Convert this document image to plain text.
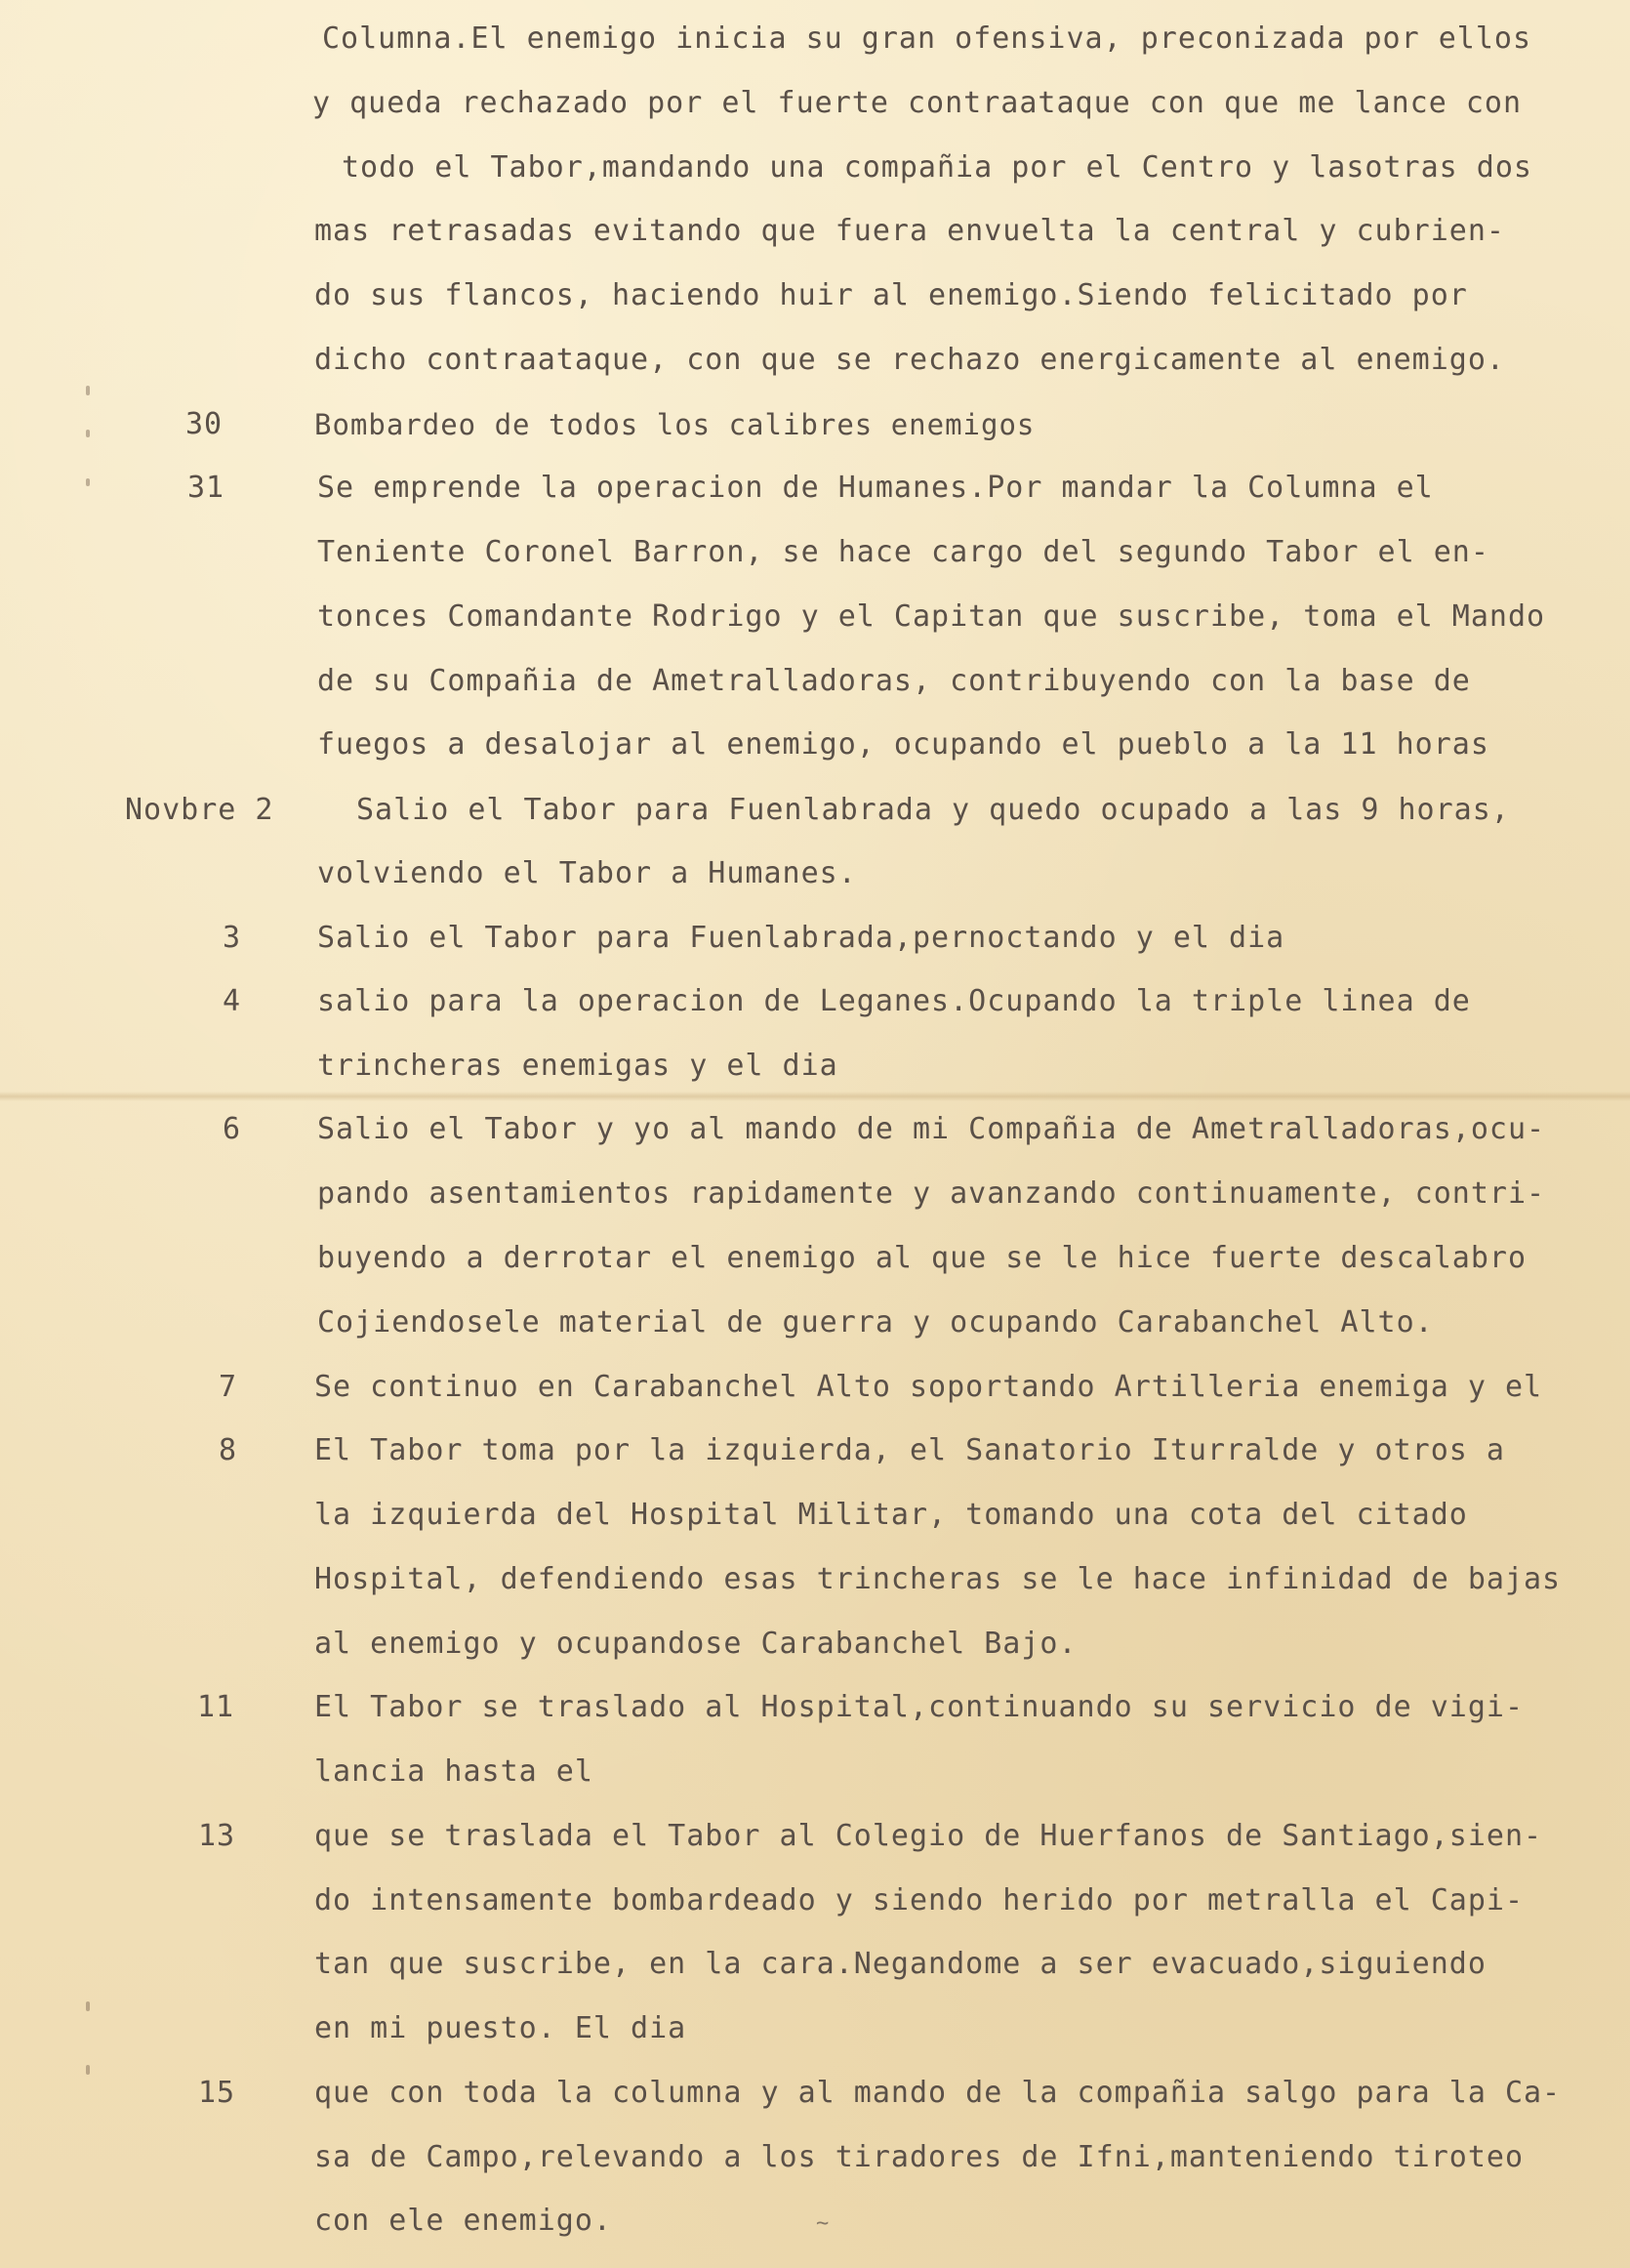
Columna.El enemigo inicia su gran ofensiva, preconizada por ellos
y queda rechazado por el fuerte contraataque con que me lance con
todo el Tabor,mandando una compañia por el Centro y lasotras dos
mas retrasadas evitando que fuera envuelta la central y cubrien-
do sus flancos, haciendo huir al enemigo.Siendo felicitado por
dicho contraataque, con que se rechazo energicamente al enemigo.
30	Bombardeo de todos los calibres enemigos
31	Se emprende la operacion de Humanes.Por mandar la Columna el
Teniente Coronel Barron, se hace cargo del segundo Tabor el en-
tonces Comandante Rodrigo y el Capitan que suscribe, toma el Mando
de su Compañia de Ametralladoras, contribuyendo con la base de
fuegos a desalojar al enemigo, ocupando el pueblo a la 11 horas
Novbre 2	Salio el Tabor para Fuenlabrada y quedo ocupado a las 9 horas,
volviendo el Tabor a Humanes.
3	Salio el Tabor para Fuenlabrada,pernoctando y el dia
4	salio para la operacion de Leganes.Ocupando la triple linea de
trincheras enemigas y el dia
6	Salio el Tabor y yo al mando de mi Compañia de Ametralladoras,ocu-
pando asentamientos rapidamente y avanzando continuamente, contri-
buyendo a derrotar el enemigo al que se le hice fuerte descalabro
Cojiendosele material de guerra y ocupando Carabanchel Alto.
7	Se continuo en Carabanchel Alto soportando Artilleria enemiga y el
8	El Tabor toma por la izquierda, el Sanatorio Iturralde y otros a
la izquierda del Hospital Militar, tomando una cota del citado
Hospital, defendiendo esas trincheras se le hace infinidad de bajas
al enemigo y ocupandose Carabanchel Bajo.
11	El Tabor se traslado al Hospital,continuando su servicio de vigi-
lancia hasta el
13	que se traslada el Tabor al Colegio de Huerfanos de Santiago,sien-
do intensamente bombardeado y siendo herido por metralla el Capi-
tan que suscribe, en la cara.Negandome a ser evacuado,siguiendo
en mi puesto. El dia
15	que con toda la columna y al mando de la compañia salgo para la Ca-
sa de Campo,relevando a los tiradores de Ifni,manteniendo tiroteo
con ele enemigo.	~
